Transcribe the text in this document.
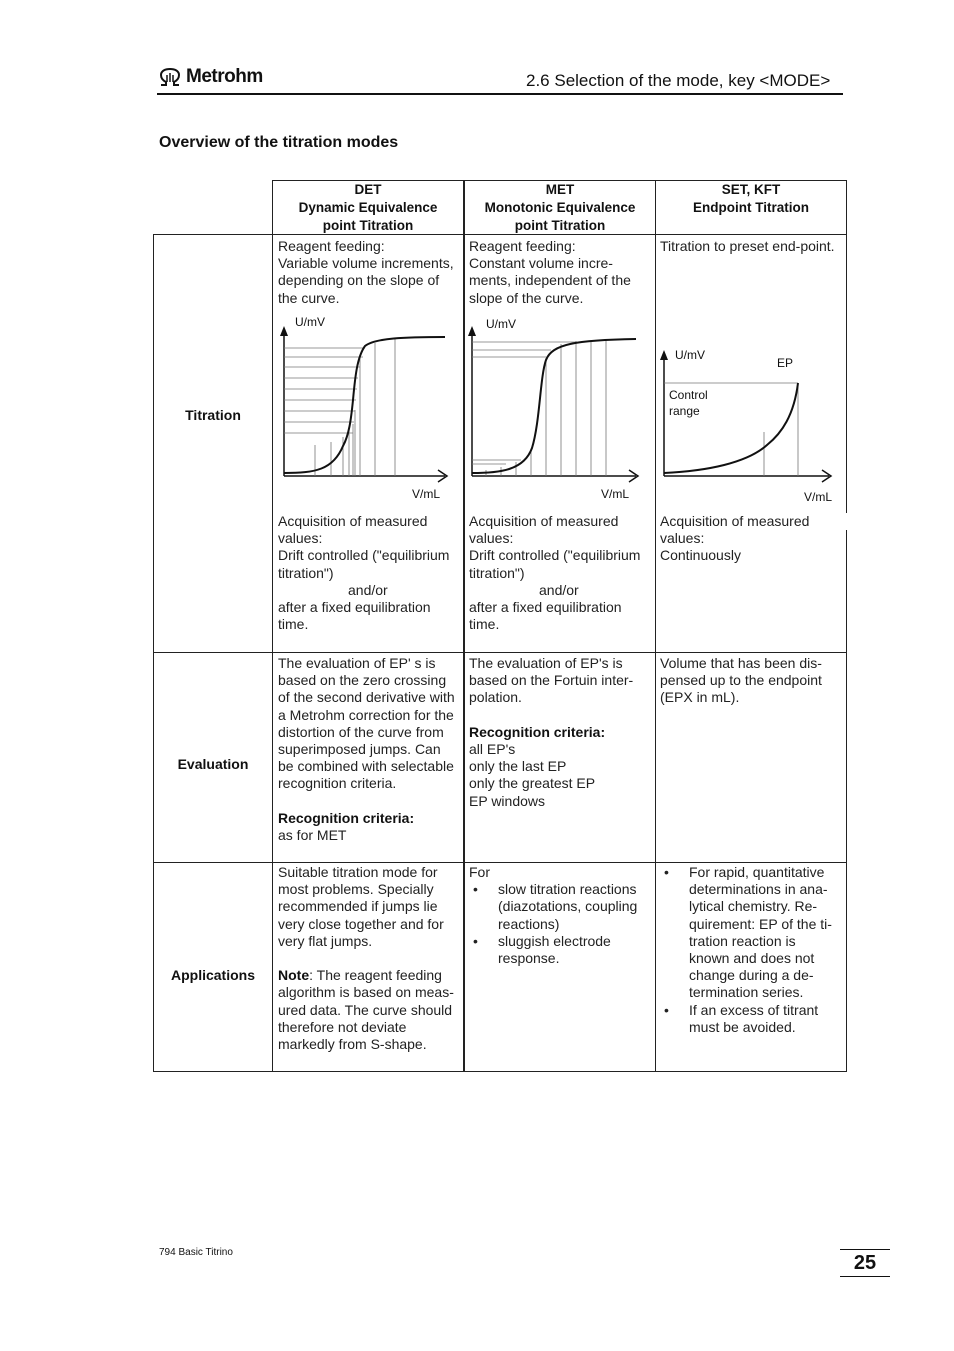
Metrohm	2.6 Selection of the mode, key <MODE>
Overview of the titration modes
DET
Dynamic Equivalence
point Titration
MET
Monotonic Equivalence
point Titration
SET, KFT
Endpoint Titration
Titration
Evaluation
Applications

Reagent feeding:

Variable volume increments,

depending on the slope of

the curve.

Reagent feeding:

Constant volume incre-

ments, independent of the

slope of the curve.

Titration to preset end-point.

U/mV
V/mL
U/mV
V/mL
U/mV
EP
Control
range
V/mL

Acquisition of measured

values:

Drift controlled ("equilibrium

titration")

and/or

after a fixed equilibration

time.

Acquisition of measured

values:

Drift controlled ("equilibrium

titration")

and/or

after a fixed equilibration

time.

Acquisition of measured

values:

Continuously

The evaluation of EP' s is

based on the zero crossing

of the second derivative with

a Metrohm correction for the

distortion of the curve from

superimposed jumps. Can

be combined with selectable

recognition criteria.

Recognition criteria:

as for MET

The evaluation of EP's is

based on the Fortuin inter-

polation.

Recognition criteria:

all EP's

only the last EP

only the greatest EP

EP windows

Volume that has been dis-

pensed up to the endpoint

(EPX in mL).

Suitable titration mode for

most problems. Specially

recommended if jumps lie

very close together and for

very flat jumps.

Note: The reagent feeding

algorithm is based on meas-

ured data. The curve should

therefore not deviate

markedly from S-shape.

For

• slow titration reactions
(diazotations, coupling
reactions)
• sluggish electrode
response.
• For rapid, quantitative
determinations in ana-
lytical chemistry. Re-
quirement: EP of the ti-
tration reaction is
known and does not
change during a de-
termination series.
• If an excess of titrant
must be avoided.
794 Basic Titrino	25
